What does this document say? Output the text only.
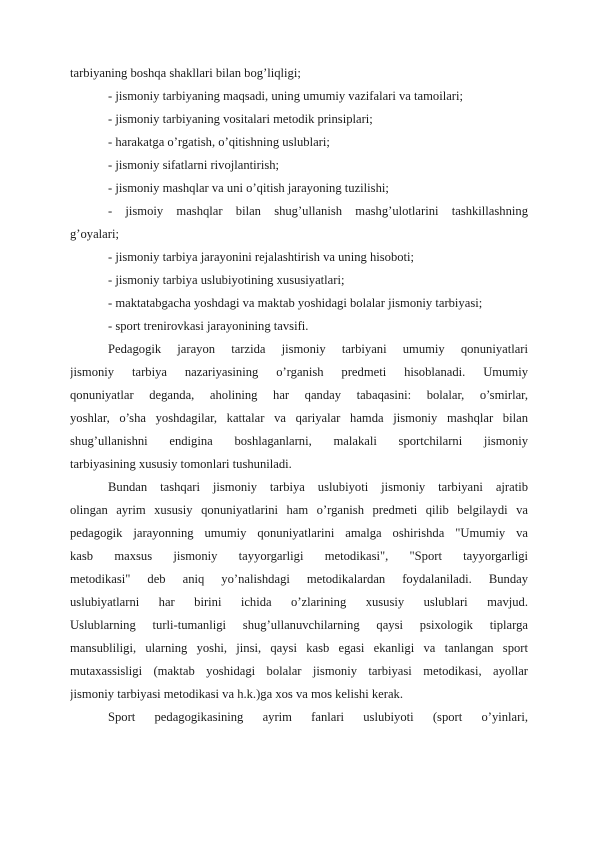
tarbiyaning boshqa shakllari bilan bog’liqligi;
- jismoniy tarbiyaning maqsadi, uning umumiy vazifalari va tamoilari;
- jismoniy tarbiyaning vositalari metodik prinsiplari;
- harakatga o’rgatish, o’qitishning uslublari;
- jismoniy sifatlarni rivojlantirish;
- jismoniy mashqlar va uni o’qitish jarayoning tuzilishi;
- jismoiy mashqlar bilan shug’ullanish mashg’ulotlarini tashkillashning
g’oyalari;
- jismoniy tarbiya jarayonini rejalashtirish va uning hisoboti;
- jismoniy tarbiya uslubiyotining xususiyatlari;
- maktatabgacha yoshdagi va maktab yoshidagi bolalar jismoniy tarbiyasi;
- sport trenirovkasi jarayonining tavsifi.
Pedagogik jarayon tarzida jismoniy tarbiyani umumiy qonuniyatlari
jismoniy tarbiya nazariyasining o’rganish predmeti hisoblanadi. Umumiy
qonuniyatlar deganda, aholining har qanday tabaqasini: bolalar, o’smirlar,
yoshlar, o’sha yoshdagilar, kattalar va qariyalar hamda jismoniy mashqlar bilan
shug’ullanishni endigina boshlaganlarni, malakali sportchilarni jismoniy
tarbiyasining xususiy tomonlari tushuniladi.
Bundan tashqari jismoniy tarbiya uslubiyoti jismoniy tarbiyani ajratib
olingan ayrim xususiy qonuniyatlarini ham o’rganish predmeti qilib belgilaydi va
pedagogik jarayonning umumiy qonuniyatlarini amalga oshirishda "Umumiy va
kasb maxsus jismoniy tayyorgarligi metodikasi", "Sport tayyorgarligi
metodikasi" deb aniq yo’nalishdagi metodikalardan foydalaniladi. Bunday
uslubiyatlarni har birini ichida o’zlarining xususiy uslublari mavjud.
Uslublarning turli-tumanligi shug’ullanuvchilarning qaysi psixologik tiplarga
mansubliligi, ularning yoshi, jinsi, qaysi kasb egasi ekanligi va tanlangan sport
mutaxassisligi (maktab yoshidagi bolalar jismoniy tarbiyasi metodikasi, ayollar
jismoniy tarbiyasi metodikasi va h.k.)ga xos va mos kelishi kerak.
Sport pedagogikasining ayrim fanlari uslubiyoti (sport o’yinlari,
